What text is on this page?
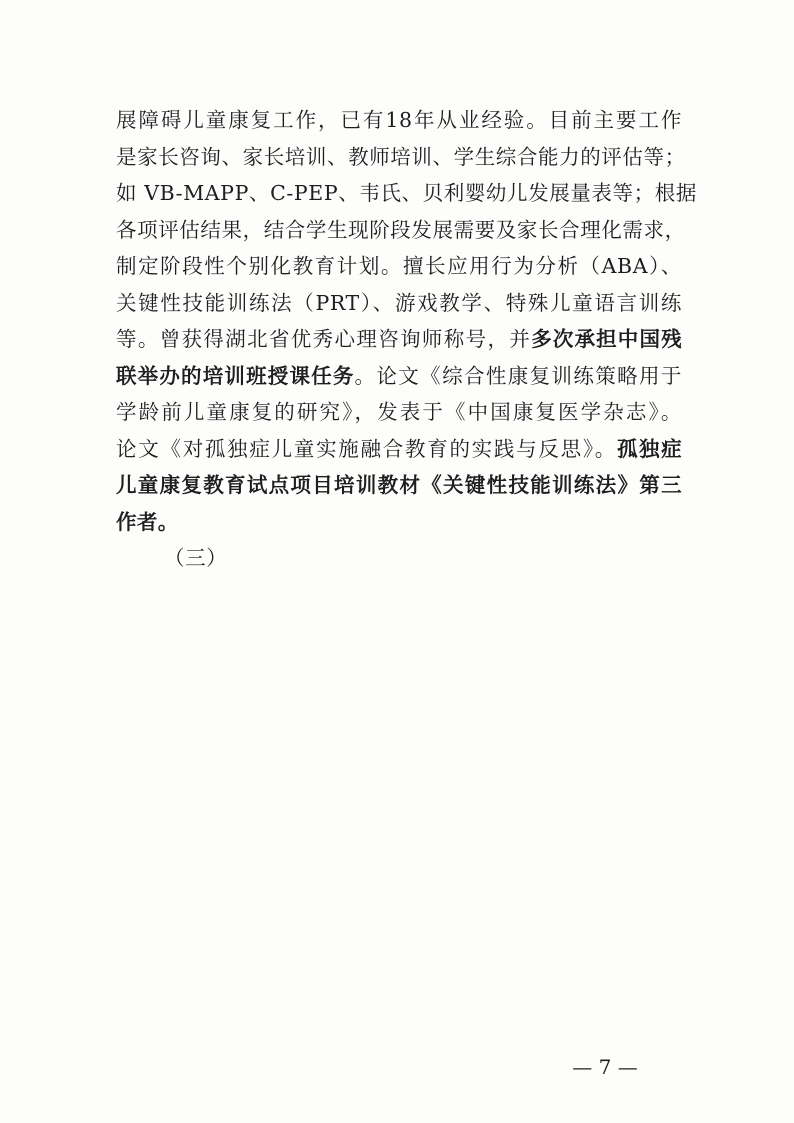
展障碍儿童康复工作，已有18年从业经验。目前主要工作
是家长咨询、家长培训、教师培训、学生综合能力的评估等；
如 VB-MAPP、C-PEP、韦氏、贝利婴幼儿发展量表等；根据
各项评估结果，结合学生现阶段发展需要及家长合理化需求，
制定阶段性个别化教育计划。擅长应用行为分析（ABA）、
关键性技能训练法（PRT）、游戏教学、特殊儿童语言训练
等。曾获得湖北省优秀心理咨询师称号，并多次承担中国残
联举办的培训班授课任务。论文《综合性康复训练策略用于
学龄前儿童康复的研究》，发表于《中国康复医学杂志》。
论文《对孤独症儿童实施融合教育的实践与反思》。孤独症
儿童康复教育试点项目培训教材《关键性技能训练法》第三
作者。
（三）
— 7 —
